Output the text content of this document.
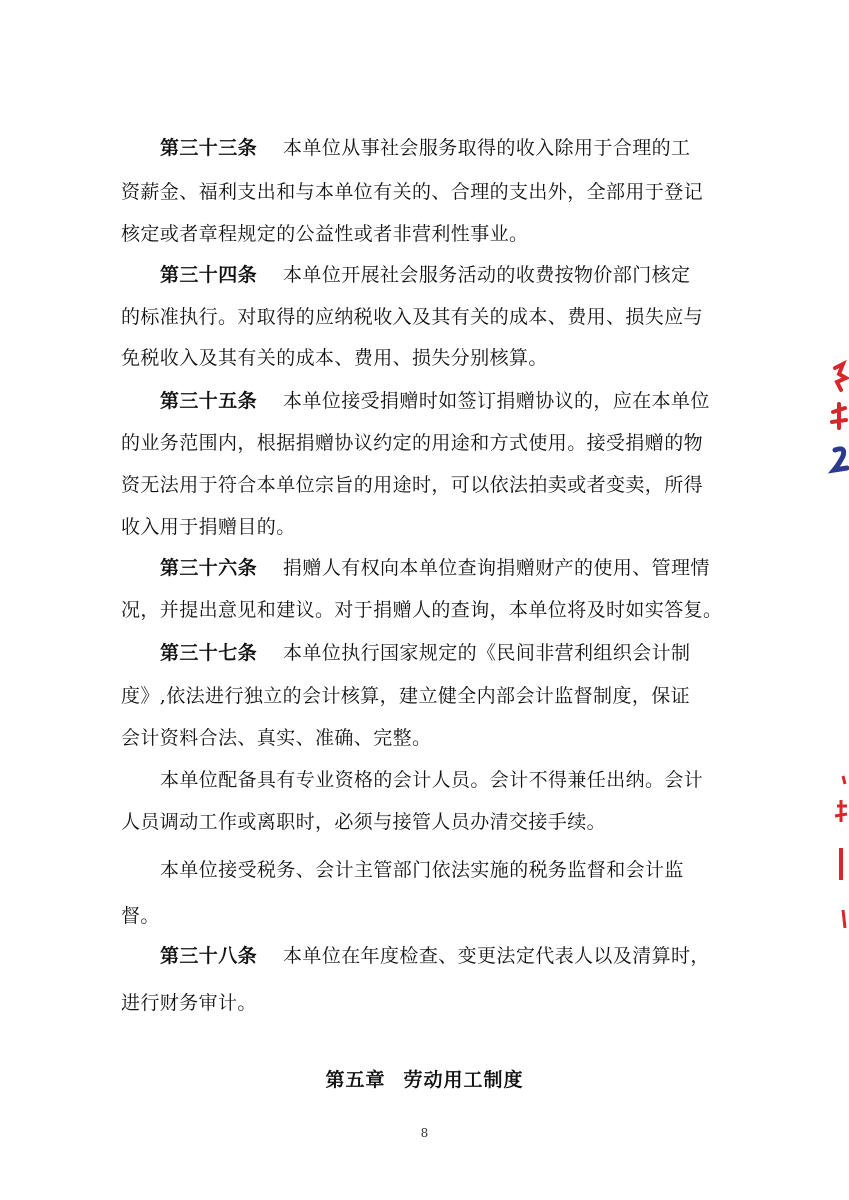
第三十三条 本单位从事社会服务取得的收入除用于合理的工
资薪金、福利支出和与本单位有关的、合理的支出外，全部用于登记
核定或者章程规定的公益性或者非营利性事业。
第三十四条 本单位开展社会服务活动的收费按物价部门核定
的标准执行。对取得的应纳税收入及其有关的成本、费用、损失应与
免税收入及其有关的成本、费用、损失分别核算。
第三十五条 本单位接受捐赠时如签订捐赠协议的，应在本单位
的业务范围内，根据捐赠协议约定的用途和方式使用。接受捐赠的物
资无法用于符合本单位宗旨的用途时，可以依法拍卖或者变卖，所得
收入用于捐赠目的。
第三十六条 捐赠人有权向本单位查询捐赠财产的使用、管理情
况，并提出意见和建议。对于捐赠人的查询，本单位将及时如实答复。
第三十七条 本单位执行国家规定的《民间非营利组织会计制
度》,依法进行独立的会计核算，建立健全内部会计监督制度，保证
会计资料合法、真实、准确、完整。
本单位配备具有专业资格的会计人员。会计不得兼任出纳。会计
人员调动工作或离职时，必须与接管人员办清交接手续。
本单位接受税务、会计主管部门依法实施的税务监督和会计监
督。
第三十八条 本单位在年度检查、变更法定代表人以及清算时，
进行财务审计。
第五章 劳动用工制度
8
